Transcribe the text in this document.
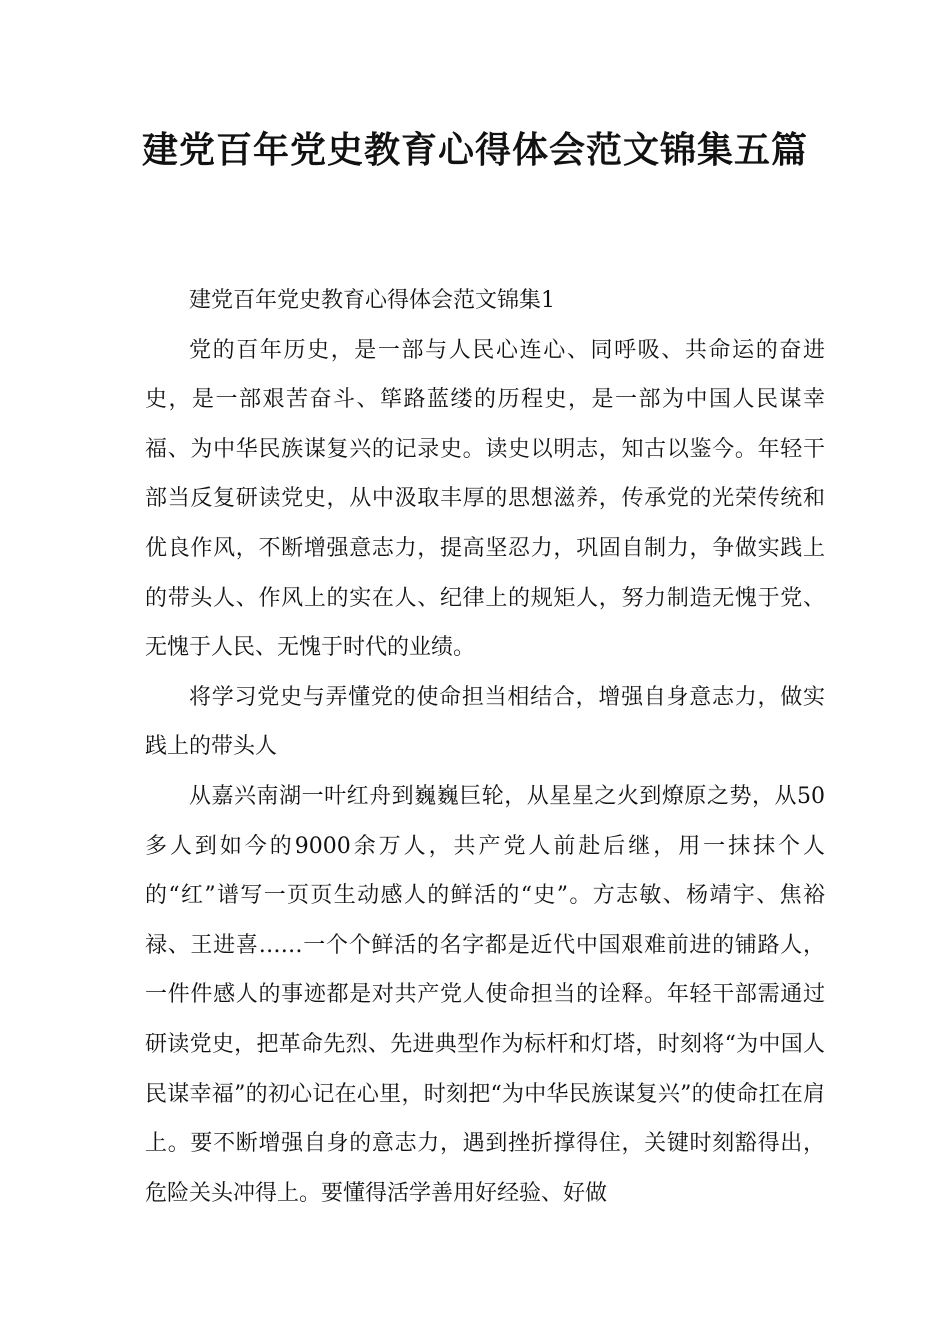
建党百年党史教育心得体会范文锦集五篇

建党百年党史教育心得体会范文锦集1

党的百年历史，是一部与人民心连心、同呼吸、共命运的奋进史，是一部艰苦奋斗、筚路蓝缕的历程史，是一部为中国人民谋幸福、为中华民族谋复兴的记录史。读史以明志，知古以鉴今。年轻干部当反复研读党史，从中汲取丰厚的思想滋养，传承党的光荣传统和优良作风，不断增强意志力，提高坚忍力，巩固自制力，争做实践上的带头人、作风上的实在人、纪律上的规矩人，努力制造无愧于党、无愧于人民、无愧于时代的业绩。

将学习党史与弄懂党的使命担当相结合，增强自身意志力，做实践上的带头人

从嘉兴南湖一叶红舟到巍巍巨轮，从星星之火到燎原之势，从50多人到如今的9000余万人，共产党人前赴后继，用一抹抹个人的“红”谱写一页页生动感人的鲜活的“史”。方志敏、杨靖宇、焦裕禄、王进喜……一个个鲜活的名字都是近代中国艰难前进的铺路人，一件件感人的事迹都是对共产党人使命担当的诠释。年轻干部需通过研读党史，把革命先烈、先进典型作为标杆和灯塔，时刻将“为中国人民谋幸福”的初心记在心里，时刻把“为中华民族谋复兴”的使命扛在肩上。要不断增强自身的意志力，遇到挫折撑得住，关键时刻豁得出，危险关头冲得上。要懂得活学善用好经验、好做
